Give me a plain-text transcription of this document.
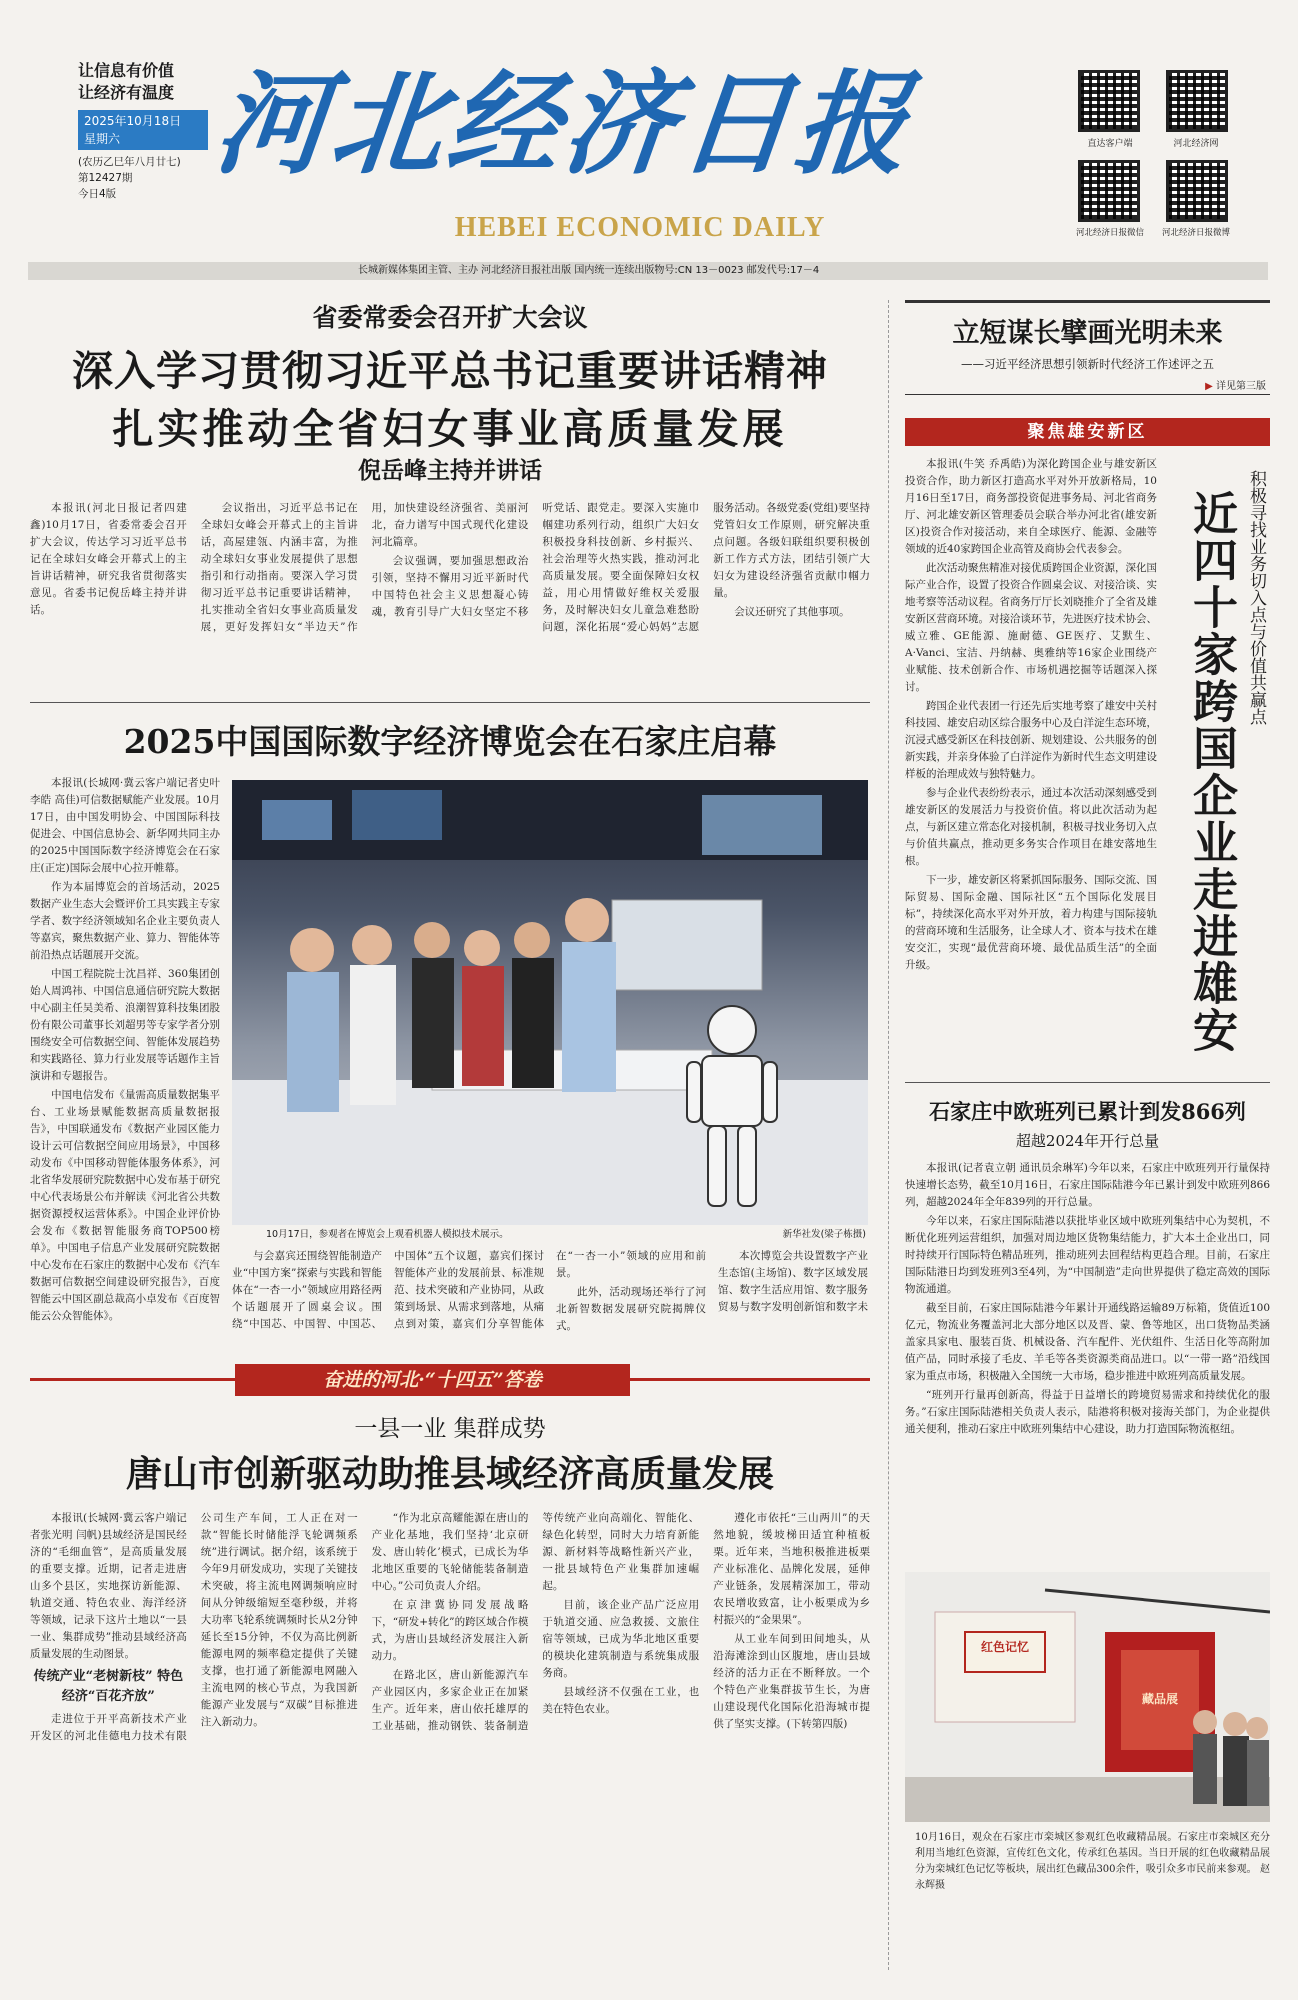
让信息有价值
让经济有温度
2025年10月18日
星期六
(农历乙巳年八月廿七)
第12427期
今日4版
河北经济日报
HEBEI ECONOMIC DAILY
直达客户端	河北经济网
河北经济日报微信	河北经济日报微博
长城新媒体集团主管、主办 河北经济日报社出版 国内统一连续出版物号:CN 13－0023 邮发代号:17－4
省委常委会召开扩大会议
深入学习贯彻习近平总书记重要讲话精神
扎实推动全省妇女事业高质量发展
倪岳峰主持并讲话

本报讯(河北日报记者四建鑫)10月17日，省委常委会召开扩大会议，传达学习习近平总书记在全球妇女峰会开幕式上的主旨讲话精神，研究我省贯彻落实意见。省委书记倪岳峰主持并讲话。

会议指出，习近平总书记在全球妇女峰会开幕式上的主旨讲话，高屋建瓴、内涵丰富，为推动全球妇女事业发展提供了思想指引和行动指南。要深入学习贯彻习近平总书记重要讲话精神，扎实推动全省妇女事业高质量发展，更好发挥妇女“半边天”作用，加快建设经济强省、美丽河北，奋力谱写中国式现代化建设河北篇章。

会议强调，要加强思想政治引领，坚持不懈用习近平新时代中国特色社会主义思想凝心铸魂，教育引导广大妇女坚定不移听党话、跟党走。要深入实施巾帼建功系列行动，组织广大妇女积极投身科技创新、乡村振兴、社会治理等火热实践，推动河北高质量发展。要全面保障妇女权益，用心用情做好维权关爱服务，及时解决妇女儿童急难愁盼问题，深化拓展“爱心妈妈”志愿服务活动。各级党委(党组)要坚持党管妇女工作原则，研究解决重点问题。各级妇联组织要积极创新工作方式方法，团结引领广大妇女为建设经济强省贡献巾帼力量。

会议还研究了其他事项。

2025中国国际数字经济博览会在石家庄启幕

本报讯(长城网·冀云客户端记者史叶 李皓 高佳)可信数据赋能产业发展。10月17日，由中国发明协会、中国国际科技促进会、中国信息协会、新华网共同主办的2025中国国际数字经济博览会在石家庄(正定)国际会展中心拉开帷幕。

作为本届博览会的首场活动，2025数据产业生态大会暨评价工具实践主专家学者、数字经济领域知名企业主要负责人等嘉宾，聚焦数据产业、算力、智能体等前沿热点话题展开交流。

中国工程院院士沈昌祥、360集团创始人周鸿祎、中国信息通信研究院大数据中心副主任吴美希、浪潮智算科技集团股份有限公司董事长刘超男等专家学者分别围绕安全可信数据空间、智能体发展趋势和实践路径、算力行业发展等话题作主旨演讲和专题报告。

中国电信发布《量需高质量数据集平台、工业场景赋能数据高质量数据报告》，中国联通发布《数据产业园区能力设计云可信数据空间应用场景》，中国移动发布《中国移动智能体服务体系》，河北省华发展研究院数据中心发布基于研究中心代表场景公布并解读《河北省公共数据资源授权运营体系》。中国企业评价协会发布《数据智能服务商TOP500榜单》。中国电子信息产业发展研究院数据中心发布在石家庄的数据中心发布《汽车数据可信数据空间建设研究报告》，百度智能云中国区副总裁高小卓发布《百度智能云公众智能体》。

10月17日，参观者在博览会上观看机器人模拟技术展示。	新华社发(梁子栋摄)

与会嘉宾还围绕智能制造产业“中国方案”探索与实践和智能体在“一杏一小”领域应用路径两个话题展开了圆桌会议。围绕“中国芯、中国智、中国芯、中国体”五个议题，嘉宾们探讨智能体产业的发展前景、标准规范、技术突破和产业协同，从政策到场景、从需求到落地，从痛点到对策，嘉宾们分享智能体在“一杏一小”领域的应用和前景。

此外，活动现场还举行了河北新智数据发展研究院揭牌仪式。

本次博览会共设置数字产业生态馆(主场馆)、数字区域发展馆、数字生活应用馆、数字服务贸易与数字发明创新馆和数字未

奋进的河北·“十四五”答卷
一县一业 集群成势
唐山市创新驱动助推县域经济高质量发展

本报讯(长城网·冀云客户端记者张光明 闫帆)县域经济是国民经济的“毛细血管”，是高质量发展的重要支撑。近期，记者走进唐山多个县区，实地探访新能源、轨道交通、特色农业、海洋经济等领域，记录下这片土地以“一县一业、集群成势”推动县域经济高质量发展的生动图景。

传统产业“老树新枝” 特色经济“百花齐放”

走进位于开平高新技术产业开发区的河北佳德电力技术有限公司生产车间，工人正在对一款“智能长时储能浮飞轮调频系统”进行调试。据介绍，该系统于今年9月研发成功，实现了关键技术突破，将主流电网调频响应时间从分钟级缩短至毫秒级，并将大功率飞轮系统调频时长从2分钟延长至15分钟，不仅为高比例新能源电网的频率稳定提供了关键支撑，也打通了新能源电网融入主流电网的核心节点，为我国新能源产业发展与“双碳”目标推进注入新动力。

“作为北京高耀能源在唐山的产业化基地，我们坚持‘北京研发、唐山转化’模式，已成长为华北地区重要的飞轮储能装备制造中心。”公司负责人介绍。

在京津冀协同发展战略下，“研发+转化”的跨区域合作模式，为唐山县域经济发展注入新动力。

在路北区，唐山新能源汽车产业园区内，多家企业正在加紧生产。近年来，唐山依托雄厚的工业基础，推动钢铁、装备制造等传统产业向高端化、智能化、绿色化转型，同时大力培育新能源、新材料等战略性新兴产业，一批县域特色产业集群加速崛起。

目前，该企业产品广泛应用于轨道交通、应急救援、文旅住宿等领域，已成为华北地区重要的模块化建筑制造与系统集成服务商。

县域经济不仅强在工业，也美在特色农业。

遵化市依托“三山两川”的天然地貌，缓坡梯田适宜种植板栗。近年来，当地积极推进板栗产业标准化、品牌化发展，延伸产业链条，发展精深加工，带动农民增收致富，让小板栗成为乡村振兴的“金果果”。

从工业车间到田间地头，从沿海滩涂到山区腹地，唐山县域经济的活力正在不断释放。一个个特色产业集群拔节生长，为唐山建设现代化国际化沿海城市提供了坚实支撑。(下转第四版)

立短谋长擘画光明未来
——习近平经济思想引领新时代经济工作述评之五
▶ 详见第三版
聚焦雄安新区

本报讯(牛笑 乔禹皓)为深化跨国企业与雄安新区投资合作，助力新区打造高水平对外开放新格局，10月16日至17日，商务部投资促进事务局、河北省商务厅、河北雄安新区管理委员会联合举办河北省(雄安新区)投资合作对接活动，来自全球医疗、能源、金融等领域的近40家跨国企业高管及商协会代表参会。

此次活动聚焦精准对接优质跨国企业资源，深化国际产业合作，设置了投资合作圆桌会议、对接洽谈、实地考察等活动议程。省商务厅厅长刘晓推介了全省及雄安新区营商环境。对接洽谈环节，先进医疗技术协会、威立雅、GE能源、施耐德、GE医疗、艾默生、A·Vanci、宝洁、丹纳赫、奥雅纳等16家企业围绕产业赋能、技术创新合作、市场机遇挖掘等话题深入探讨。

跨国企业代表团一行还先后实地考察了雄安中关村科技园、雄安启动区综合服务中心及白洋淀生态环境，沉浸式感受新区在科技创新、规划建设、公共服务的创新实践，并亲身体验了白洋淀作为新时代生态文明建设样板的治理成效与独特魅力。

参与企业代表纷纷表示，通过本次活动深刻感受到雄安新区的发展活力与投资价值。将以此次活动为起点，与新区建立常态化对接机制，积极寻找业务切入点与价值共赢点，推动更多务实合作项目在雄安落地生根。

下一步，雄安新区将紧抓国际服务、国际交流、国际贸易、国际金融、国际社区“五个国际化发展目标”，持续深化高水平对外开放，着力构建与国际接轨的营商环境和生活服务，让全球人才、资本与技术在雄安交汇，实现“最优营商环境、最优品质生活”的全面升级。

积极寻找业务切入点与价值共赢点
近四十家跨国企业走进雄安
石家庄中欧班列已累计到发866列
超越2024年开行总量

本报讯(记者袁立朝 通讯员余琳军)今年以来，石家庄中欧班列开行量保持快速增长态势，截至10月16日，石家庄国际陆港今年已累计到发中欧班列866列，超越2024年全年839列的开行总量。

今年以来，石家庄国际陆港以获批毕业区域中欧班列集结中心为契机，不断优化班列运营组织，加强对周边地区货物集结能力，扩大本土企业出口，同时持续开行国际特色精品班列，推动班列去回程结构更趋合理。目前，石家庄国际陆港日均到发班列3至4列，为“中国制造”走向世界提供了稳定高效的国际物流通道。

截至目前，石家庄国际陆港今年累计开通线路运输89万标箱，货值近100亿元，物流业务覆盖河北大部分地区以及晋、蒙、鲁等地区，出口货物品类涵盖家具家电、服装百货、机械设备、汽车配件、光伏组件、生活日化等高附加值产品，同时承接了毛皮、羊毛等各类资源类商品进口。以“一带一路”沿线国家为重点市场，积极融入全国统一大市场，稳步推进中欧班列高质量发展。

“班列开行量再创新高，得益于日益增长的跨境贸易需求和持续优化的服务。”石家庄国际陆港相关负责人表示，陆港将积极对接海关部门，为企业提供通关便利，推动石家庄中欧班列集结中心建设，助力打造国际物流枢纽。

红色记忆
藏品展
10月16日，观众在石家庄市栾城区参观红色收藏精品展。石家庄市栾城区充分利用当地红色资源，宣传红色文化，传承红色基因。当日开展的红色收藏精品展分为栾城红色记忆等板块，展出红色藏品300余件，吸引众多市民前来参观。 赵永辉摄
